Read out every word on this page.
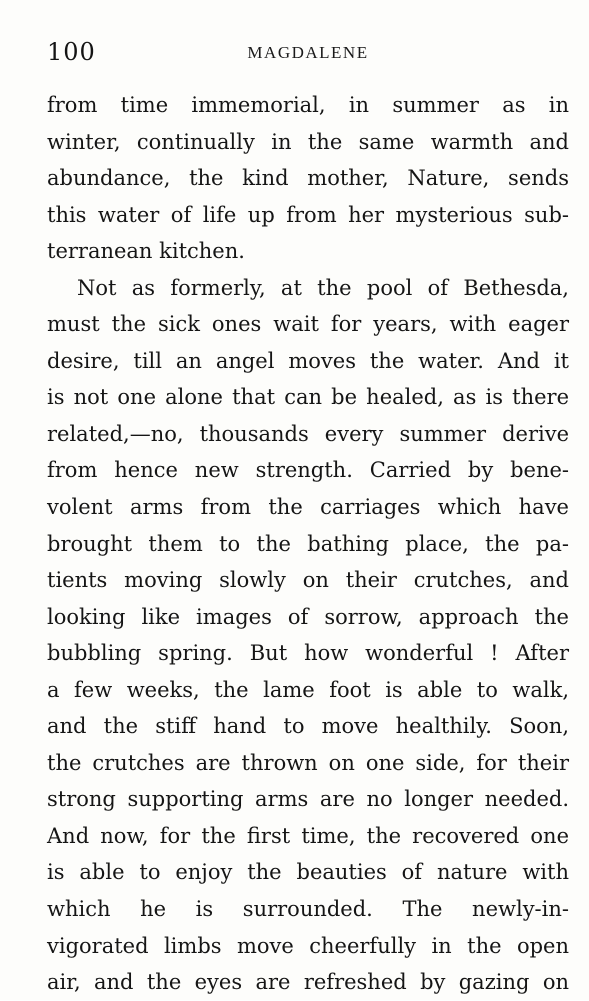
100	MAGDALENE
from time immemorial, in summer as in
winter, continually in the same warmth and
abundance, the kind mother, Nature, sends
this water of life up from her mysterious sub-
terranean kitchen.
Not as formerly, at the pool of Bethesda,
must the sick ones wait for years, with eager
desire, till an angel moves the water. And it
is not one alone that can be healed, as is there
related,—no, thousands every summer derive
from hence new strength. Carried by bene-
volent arms from the carriages which have
brought them to the bathing place, the pa-
tients moving slowly on their crutches, and
looking like images of sorrow, approach the
bubbling spring. But how wonderful ! After
a few weeks, the lame foot is able to walk,
and the stiff hand to move healthily. Soon,
the crutches are thrown on one side, for their
strong supporting arms are no longer needed.
And now, for the first time, the recovered one
is able to enjoy the beauties of nature with
which he is surrounded. The newly-in-
vigorated limbs move cheerfully in the open
air, and the eyes are refreshed by gazing on
